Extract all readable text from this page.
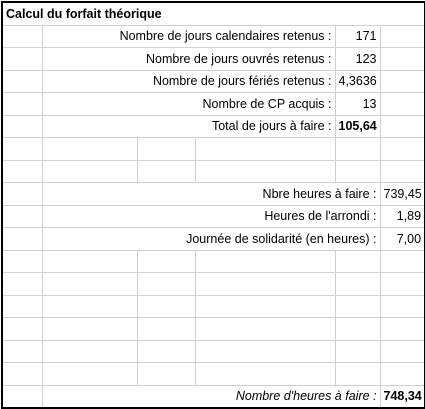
Calcul du forfait théorique					
	Nombre de jours calendaires retenus :			171	
	Nombre de jours ouvrés retenus :			123	
	Nombre de jours fériés retenus :			4,3636	
	Nombre de CP acquis :			13	
	Total de jours à faire :			105,64	

	Nbre heures à faire :				739,45
	Heures de l'arrondi :				1,89
	Journée de solidarité (en heures) :				7,00

	Nombre d'heures à faire :				748,34
